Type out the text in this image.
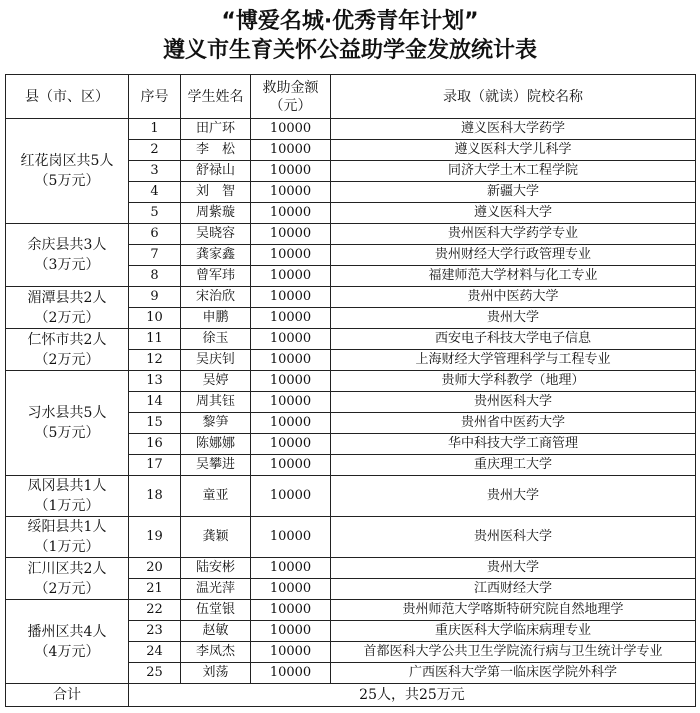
“博爱名城·优秀青年计划”
遵义市生育关怀公益助学金发放统计表
县（市、区）	序号	学生姓名	救助金额（元）	录取（就读）院校名称

红花岗区共5人
（5万元）	1	田广环	10000	遵义医科大学药学
	2	李　松	10000	遵义医科大学儿科学
	3	舒禄山	10000	同济大学土木工程学院
	4	刘　智	10000	新疆大学
	5	周紫璇	10000	遵义医科大学

余庆县共3人
（3万元）	6	吴晓容	10000	贵州医科大学药学专业
	7	龚家鑫	10000	贵州财经大学行政管理专业
	8	曾军玮	10000	福建师范大学材料与化工专业

湄潭县共2人
（2万元）	9	宋治欣	10000	贵州中医药大学
	10	申鹏	10000	贵州大学

仁怀市共2人
（2万元）	11	徐玉	10000	西安电子科技大学电子信息
	12	吴庆钊	10000	上海财经大学管理科学与工程专业

习水县共5人
（5万元）	13	吴婷	10000	贵师大学科教学（地理）
	14	周其钰	10000	贵州医科大学
	15	黎笋	10000	贵州省中医药大学
	16	陈娜娜	10000	华中科技大学工商管理
	17	吴攀进	10000	重庆理工大学

凤冈县共1人
（1万元）	18	童亚	10000	贵州大学

绥阳县共1人
（1万元）	19	龚颖	10000	贵州医科大学

汇川区共2人
（2万元）	20	陆安彬	10000	贵州大学
	21	温光萍	10000	江西财经大学

播州区共4人
（4万元）	22	伍堂银	10000	贵州师范大学喀斯特研究院自然地理学
	23	赵敏	10000	重庆医科大学临床病理专业
	24	李凤杰	10000	首都医科大学公共卫生学院流行病与卫生统计学专业
	25	刘荡	10000	广西医科大学第一临床医学院外科学
合计	25人，共25万元			
